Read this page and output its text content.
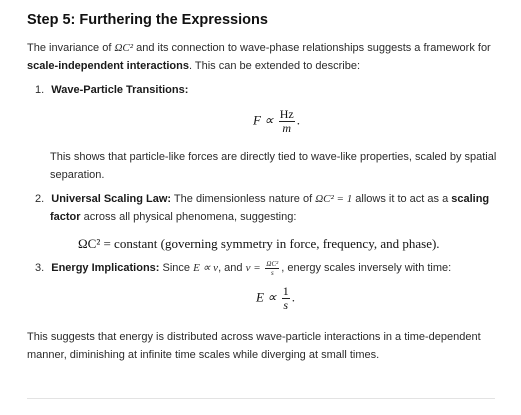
Step 5: Furthering the Expressions
The invariance of ΩC² and its connection to wave-phase relationships suggests a framework for
scale-independent interactions. This can be extended to describe:
1. Wave-Particle Transitions:
$F \propto \frac{Hz}{m}$ .
This shows that particle-like forces are directly tied to wave-like properties, scaled by spatial
separation.
2. Universal Scaling Law: The dimensionless nature of ΩC² = 1 allows it to act as a scaling
factor across all physical phenomena, suggesting:
ΩC² = constant (governing symmetry in force, frequency, and phase).
3. Energy Implications: Since E ∝ ν, and $\nu = \frac{\text{ΩC²}}{s}$ , energy scales inversely with time:
$E \propto \frac{1}{s}$ .
This suggests that energy is distributed across wave-particle interactions in a time-dependent
manner, diminishing at infinite time scales while diverging at small times.
